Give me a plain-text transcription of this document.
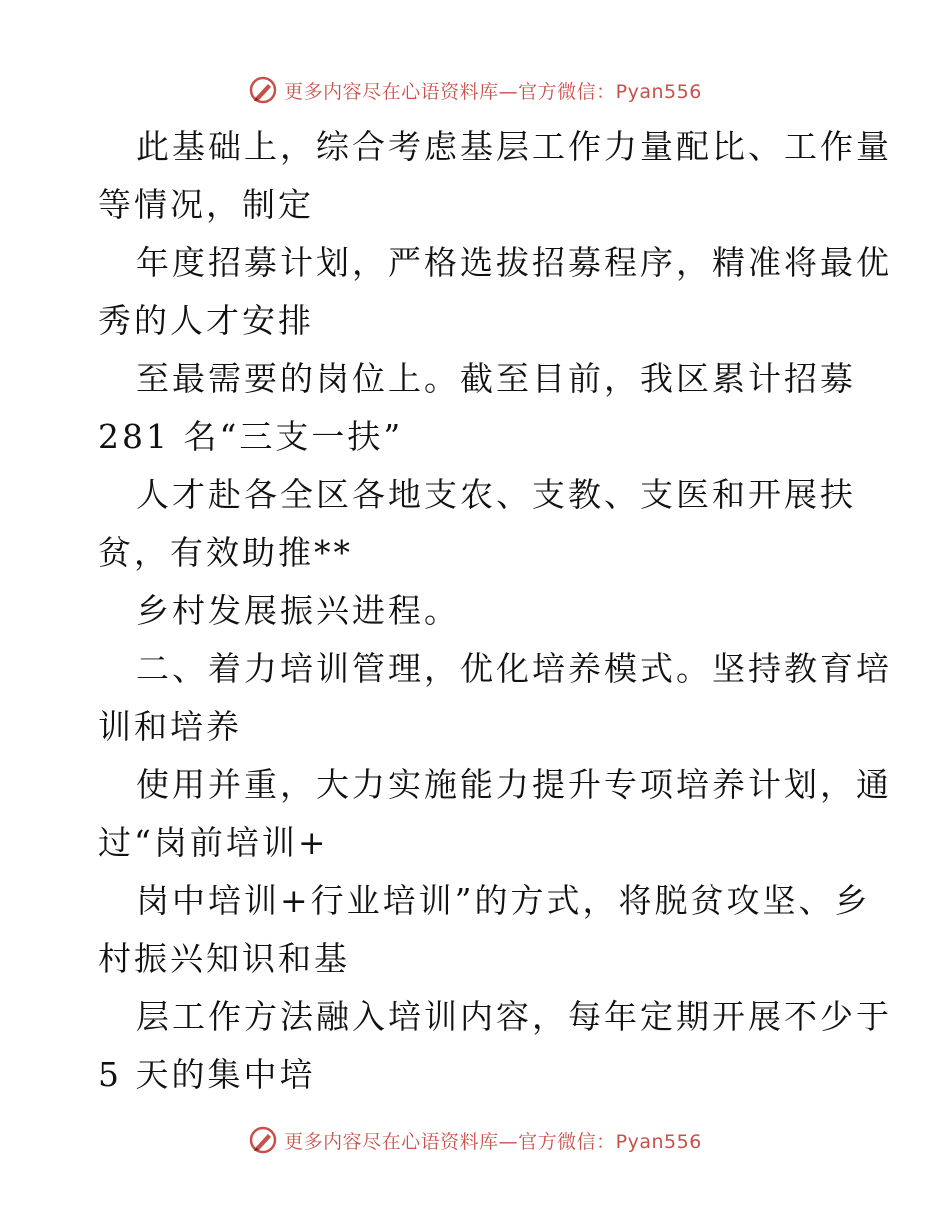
更多内容尽在心语资料库—官方微信：Pyan556
此基础上，综合考虑基层工作力量配比、工作量
等情况，制定
年度招募计划，严格选拔招募程序，精准将最优
秀的人才安排
至最需要的岗位上。截至目前，我区累计招募
281 名“三支一扶”
人才赴各全区各地支农、支教、支医和开展扶
贫，有效助推**
乡村发展振兴进程。
二、着力培训管理，优化培养模式。坚持教育培
训和培养
使用并重，大力实施能力提升专项培养计划，通
过“岗前培训+
岗中培训+行业培训”的方式，将脱贫攻坚、乡
村振兴知识和基
层工作方法融入培训内容，每年定期开展不少于
5 天的集中培
更多内容尽在心语资料库—官方微信：Pyan556
